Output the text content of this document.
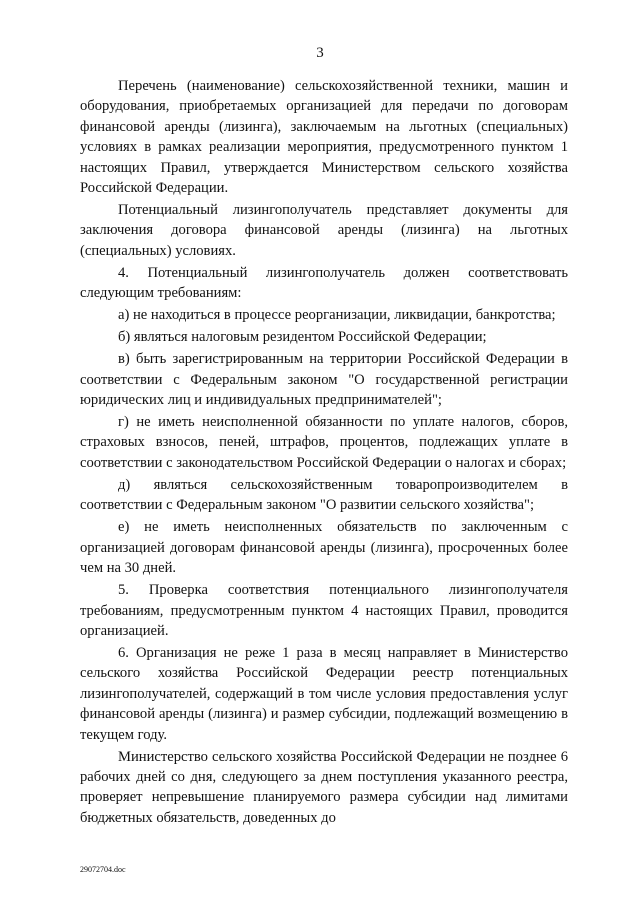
3

Перечень (наименование) сельскохозяйственной техники, машин и оборудования, приобретаемых организацией для передачи по договорам финансовой аренды (лизинга), заключаемым на льготных (специальных) условиях в рамках реализации мероприятия, предусмотренного пунктом 1 настоящих Правил, утверждается Министерством сельского хозяйства Российской Федерации.

Потенциальный лизингополучатель представляет документы для заключения договора финансовой аренды (лизинга) на льготных (специальных) условиях.

4. Потенциальный лизингополучатель должен соответствовать следующим требованиям:

а) не находиться в процессе реорганизации, ликвидации, банкротства;

б) являться налоговым резидентом Российской Федерации;

в) быть зарегистрированным на территории Российской Федерации в соответствии с Федеральным законом "О государственной регистрации юридических лиц и индивидуальных предпринимателей";

г) не иметь неисполненной обязанности по уплате налогов, сборов, страховых взносов, пеней, штрафов, процентов, подлежащих уплате в соответствии с законодательством Российской Федерации о налогах и сборах;

д) являться сельскохозяйственным товаропроизводителем в соответствии с Федеральным законом "О развитии сельского хозяйства";

е) не иметь неисполненных обязательств по заключенным с организацией договорам финансовой аренды (лизинга), просроченных более чем на 30 дней.

5. Проверка соответствия потенциального лизингополучателя требованиям, предусмотренным пунктом 4 настоящих Правил, проводится организацией.

6. Организация не реже 1 раза в месяц направляет в Министерство сельского хозяйства Российской Федерации реестр потенциальных лизингополучателей, содержащий в том числе условия предоставления услуг финансовой аренды (лизинга) и размер субсидии, подлежащий возмещению в текущем году.

Министерство сельского хозяйства Российской Федерации не позднее 6 рабочих дней со дня, следующего за днем поступления указанного реестра, проверяет непревышение планируемого размера субсидии над лимитами бюджетных обязательств, доведенных до

29072704.doc
